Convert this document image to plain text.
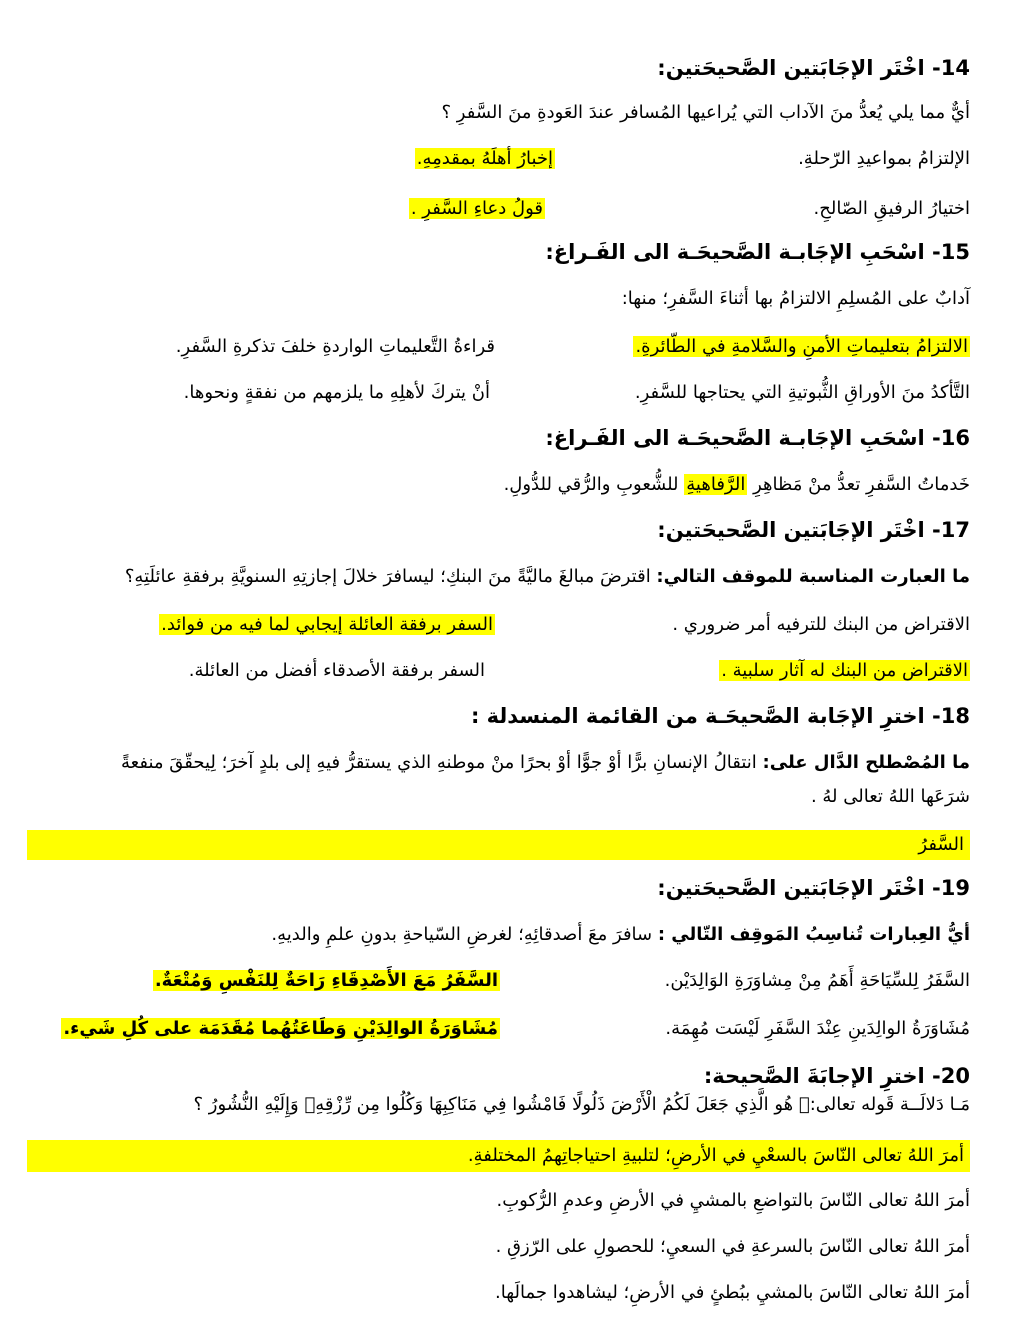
14- اخْتَر الإجَابَتين الصَّحيحَتين:
أيٌّ مما يلي يُعدُّ منَ الآداب التي يُراعيها المُسافر عندَ العَودةِ منَ السَّفرِ ؟
الإلتزامُ بمواعيدِ الرّحلةِ.
إخبارُ أهلَهُ بمقدمِهِ.
اختيارُ الرفيقِ الصّالحِ.
قولُ دعاءِ السَّفرِ .
15- اسْحَبِ الإجَابـة الصَّحيحَـة الى الفَـراغ:
آدابٌ على المُسلِمِ الالتزامُ بها أثناءَ السَّفرِ؛ منها:
الالتزامُ بتعليماتِ الأمنِ والسَّلامةِ في الطّائرةِ.
قراءةُ التَّعليماتِ الواردةِ خلفَ تذكرةِ السَّفرِ.
التَّأكدُ منَ الأوراقِ الثُّبوتيةِ التي يحتاجها للسَّفرِ.
أنْ يتركَ لأهلِهِ ما يلزمهم من نفقةٍ ونحوها.
16- اسْحَبِ الإجَابـة الصَّحيحَـة الى الفَـراغ:
خَدماتُ السَّفرِ تعدُّ منْ مَظاهِرِ الرَّفاهيةِ للشُّعوبِ والرُّقي للدُّولِ.
17- اخْتَر الإجَابَتين الصَّحيحَتين:
ما العبارت المناسبة للموقف التالي: اقترضَ مبالغَ ماليَّةً منَ البنكِ؛ ليسافرَ خلالَ إجازتِهِ السنويَّةِ برفقةِ عائلَتِهِ؟
الاقتراض من البنك للترفيه أمر ضروري .
السفر برفقة العائلة إيجابي لما فيه من فوائد.
الاقتراض من البنك له آثار سلبية .
السفر برفقة الأصدقاء أفضل من العائلة.
18- اخترِ الإجَابة الصَّحيحَـة من القائمة المنسدلة :
ما المُصْطلح الدَّال على: انتقالُ الإنسانِ برًّا أوْ جوًّا أوْ بحرًا منْ موطنهِ الذي يستقرُّ فيهِ إلى بلدٍ آخرَ؛ لِيحقّقَ منفعةً
شرَعَها اللهُ تعالى لهُ .
السَّفرُ
19- اخْتَر الإجَابَتين الصَّحيحَتين:
أيُّ العِبارات تُناسِبُ المَوقِف التّالي : سافرَ معَ أصدقائِهِ؛ لغرضِ السّياحةِ بدونِ علمِ والديهِ.
السَّفَرُ لِلسِّيَاحَةِ أَهَمُ مِنْ مِشاوَرَةِ الوَالِدَيْن.
السَّفَرُ مَعَ الأَصْدِقَاءِ رَاحَةٌ لِلنَفْسِ وَمُتْعَةٌ.
مُشَاوَرَةُ الوالِدَينِ عِنْدَ السَّفَرِ لَيْسَت مُهِمَة.
مُشَاوَرَةُ الوالِدَيْنِ وَطَاعَتُهُما مُقَدَمَة على كُلِ شَيء.
20- اخترِ الإجابَةَ الصَّحيحة:
مَـا دَلالَــة قَوله تعالى:﴿ هُو الَّذِي جَعَلَ لَكُمُ الْأَرْضَ ذَلُولًا فَامْشُوا فِي مَنَاكِبِهَا وَكُلُوا مِن رِّزْقِهِۖ وَإِلَيْهِ النُّشُورُ ؟
أمرَ اللهُ تعالى النّاسَ بالسعْيِ في الأرضِ؛ لتلبيةِ احتياجاتِهمُ المختلفةِ.
أمرَ اللهُ تعالى النّاسَ بالتواضعِ بالمشيِ في الأرضِ وعدمِ الرُّكوبِ.
أمرَ اللهُ تعالى النّاسَ بالسرعةِ في السعيِ؛ للحصولِ على الرّزقِ .
أمرَ اللهُ تعالى النّاسَ بالمشيِ ببُطئٍ في الأرضِ؛ ليشاهدوا جمالَها.
